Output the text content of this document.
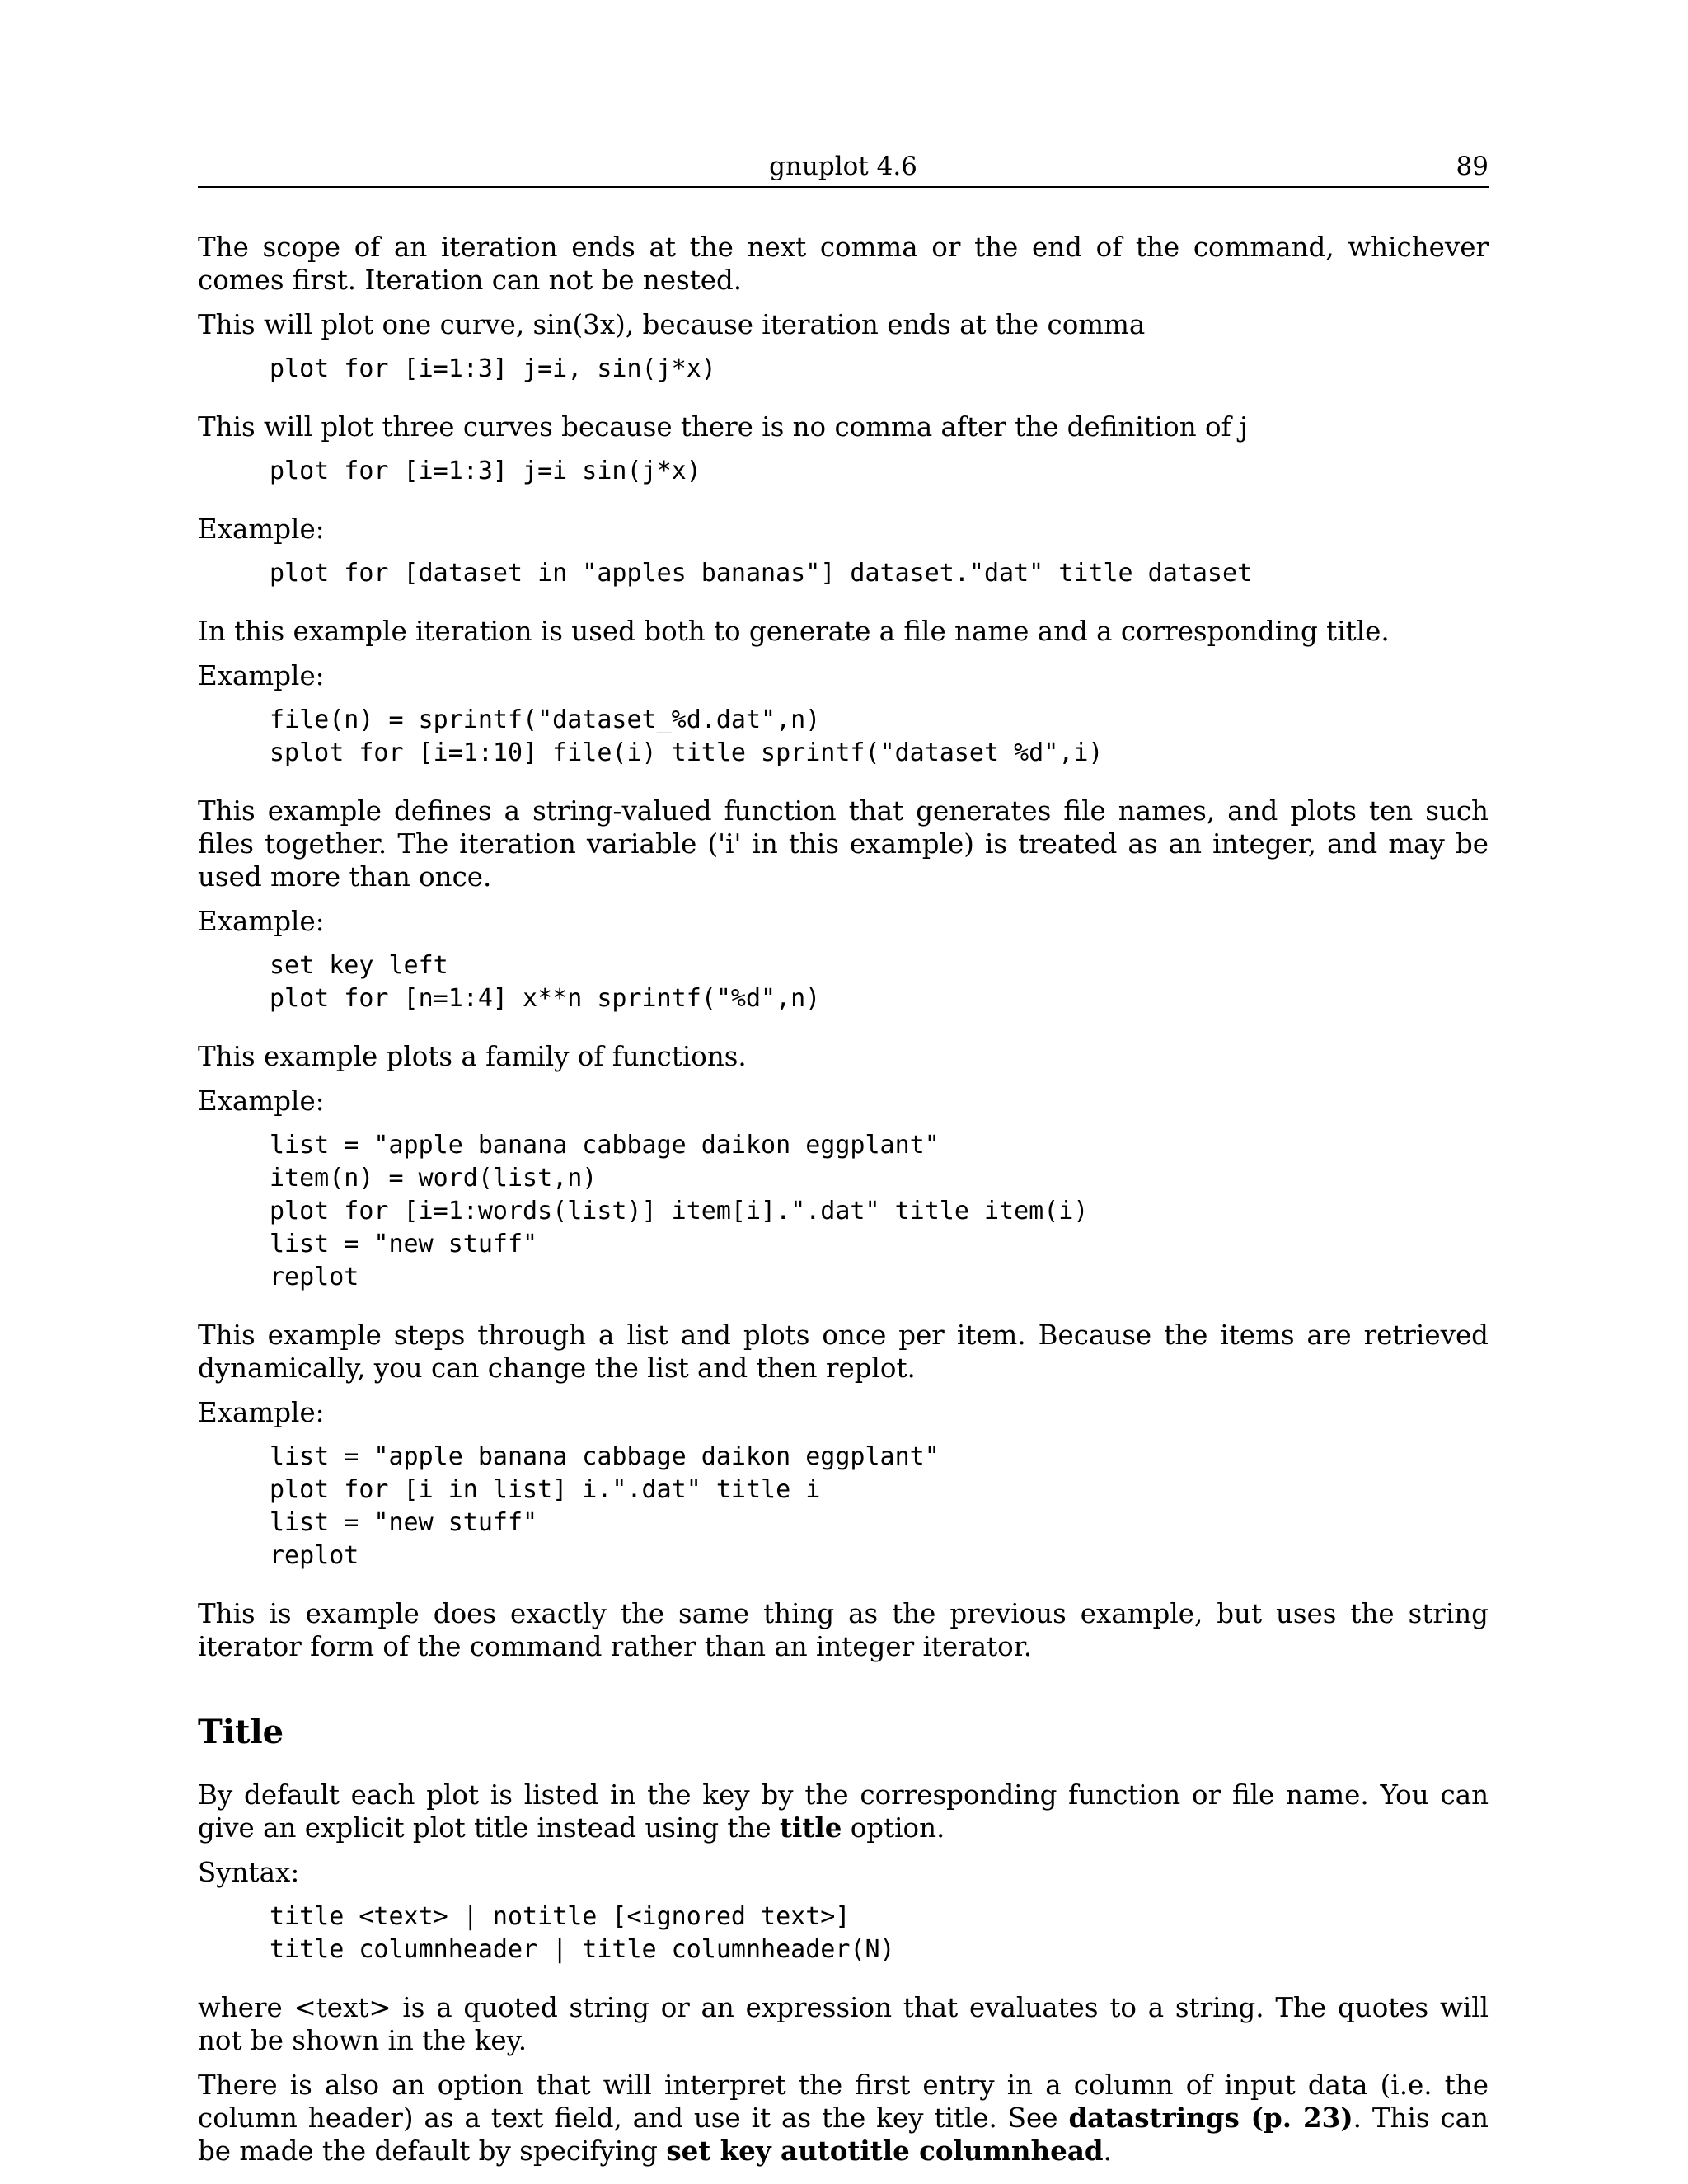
gnuplot 4.6	89

The scope of an iteration ends at the next comma or the end of the command, whichever comes first. Iteration can not be nested.

This will plot one curve, sin(3x), because iteration ends at the comma

plot for [i=1:3] j=i, sin(j*x)

This will plot three curves because there is no comma after the definition of j

plot for [i=1:3] j=i sin(j*x)

Example:

plot for [dataset in "apples bananas"] dataset."dat" title dataset

In this example iteration is used both to generate a file name and a corresponding title.

Example:

file(n) = sprintf("dataset_%d.dat",n)
splot for [i=1:10] file(i) title sprintf("dataset %d",i)

This example defines a string-valued function that generates file names, and plots ten such files together. The iteration variable ('i' in this example) is treated as an integer, and may be used more than once.

Example:

set key left
plot for [n=1:4] x**n sprintf("%d",n)

This example plots a family of functions.

Example:

list = "apple banana cabbage daikon eggplant"
item(n) = word(list,n)
plot for [i=1:words(list)] item[i].".dat" title item(i)
list = "new stuff"
replot

This example steps through a list and plots once per item. Because the items are retrieved dynamically, you can change the list and then replot.

Example:

list = "apple banana cabbage daikon eggplant"
plot for [i in list] i.".dat" title i
list = "new stuff"
replot

This is example does exactly the same thing as the previous example, but uses the string iterator form of the command rather than an integer iterator.

Title

By default each plot is listed in the key by the corresponding function or file name. You can give an explicit plot title instead using the title option.

Syntax:

title <text> | notitle [<ignored text>]
title columnheader | title columnheader(N)

where <text> is a quoted string or an expression that evaluates to a string. The quotes will not be shown in the key.

There is also an option that will interpret the first entry in a column of input data (i.e. the column header) as a text field, and use it as the key title. See datastrings (p. 23). This can be made the default by specifying set key autotitle columnhead.
